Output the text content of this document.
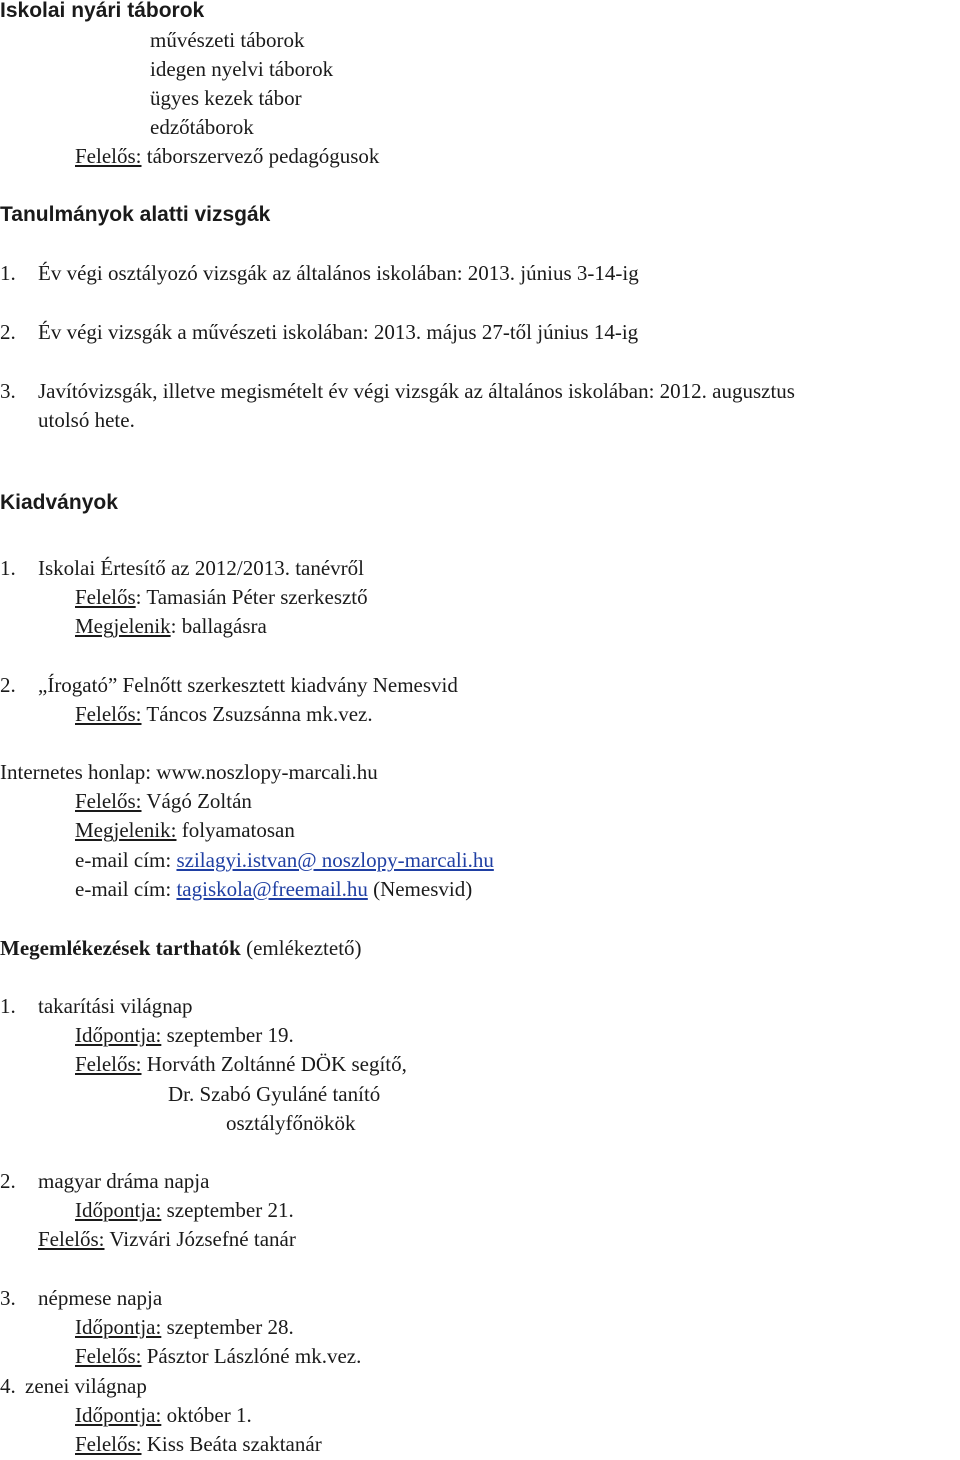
Iskolai nyári táborok
művészeti táborok
idegen nyelvi táborok
ügyes kezek tábor
edzőtáborok
Felelős: táborszervező pedagógusok
Tanulmányok alatti vizsgák
1. Év végi osztályozó vizsgák az általános iskolában: 2013. június 3-14-ig
2. Év végi vizsgák a művészeti iskolában: 2013. május 27-től június 14-ig
3. Javítóvizsgák, illetve megismételt év végi vizsgák az általános iskolában: 2012. augusztus
utolsó hete.
Kiadványok
1. Iskolai Értesítő az 2012/2013. tanévről
Felelős: Tamasián Péter szerkesztő
Megjelenik: ballagásra
2. „Írogató” Felnőtt szerkesztett kiadvány Nemesvid
Felelős: Táncos Zsuzsánna mk.vez.
Internetes honlap: www.noszlopy-marcali.hu
Felelős: Vágó Zoltán
Megjelenik: folyamatosan
e-mail cím: szilagyi.istvan@ noszlopy-marcali.hu
e-mail cím: tagiskola@freemail.hu (Nemesvid)
Megemlékezések tarthatók (emlékeztető)
1. takarítási világnap
Időpontja: szeptember 19.
Felelős: Horváth Zoltánné DÖK segítő,
Dr. Szabó Gyuláné tanító
osztályfőnökök
2. magyar dráma napja
Időpontja: szeptember 21.
Felelős: Vizvári Józsefné tanár
3. népmese napja
Időpontja: szeptember 28.
Felelős: Pásztor Lászlóné mk.vez.
4. zenei világnap
Időpontja: október 1.
Felelős: Kiss Beáta szaktanár
